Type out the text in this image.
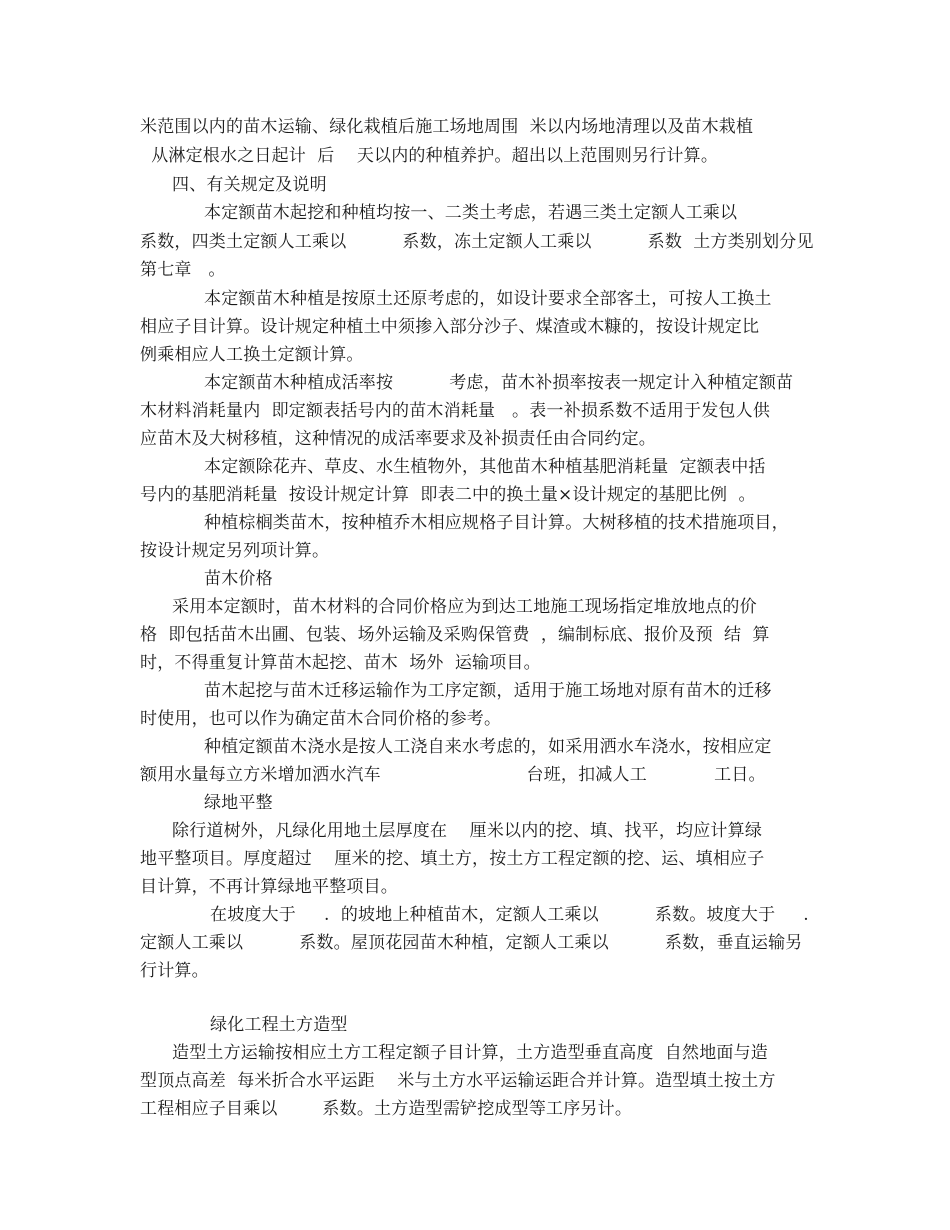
米范围以内的苗木运输、绿化栽植后施工场地周围  米以内场地清理以及苗木栽植
从淋定根水之日起计  后    天以内的种植养护。超出以上范围则另行计算。
四、有关规定及说明
本定额苗木起挖和种植均按一、二类土考虑，若遇三类土定额人工乘以
系数，四类土定额人工乘以          系数，冻土定额人工乘以          系数  土方类别划分见
第七章   。
本定额苗木种植是按原土还原考虑的，如设计要求全部客土，可按人工换土
相应子目计算。设计规定种植土中须掺入部分沙子、煤渣或木糠的，按设计规定比
例乘相应人工换土定额计算。
本定额苗木种植成活率按          考虑，苗木补损率按表一规定计入种植定额苗
木材料消耗量内  即定额表括号内的苗木消耗量   。表一补损系数不适用于发包人供
应苗木及大树移植，这种情况的成活率要求及补损责任由合同约定。
本定额除花卉、草皮、水生植物外，其他苗木种植基肥消耗量  定额表中括
号内的基肥消耗量  按设计规定计算  即表二中的换土量×设计规定的基肥比例  。
种植棕榈类苗木，按种植乔木相应规格子目计算。大树移植的技术措施项目，
按设计规定另列项计算。
苗木价格
采用本定额时，苗木材料的合同价格应为到达工地施工现场指定堆放地点的价
格  即包括苗木出圃、包装、场外运输及采购保管费  ，编制标底、报价及预  结  算
时，不得重复计算苗木起挖、苗木  场外  运输项目。
苗木起挖与苗木迁移运输作为工序定额，适用于施工场地对原有苗木的迁移
时使用，也可以作为确定苗木合同价格的参考。
种植定额苗木浇水是按人工浇自来水考虑的，如采用洒水车浇水，按相应定
额用水量每立方米增加洒水汽车                          台班，扣减人工            工日。
绿地平整
除行道树外，凡绿化用地土层厚度在    厘米以内的挖、填、找平，均应计算绿
地平整项目。厚度超过    厘米的挖、填土方，按土方工程定额的挖、运、填相应子
目计算，不再计算绿地平整项目。
在坡度大于     .  的坡地上种植苗木，定额人工乘以          系数。坡度大于     .
定额人工乘以          系数。屋顶花园苗木种植，定额人工乘以          系数，垂直运输另
行计算。
绿化工程土方造型
造型土方运输按相应土方工程定额子目计算，土方造型垂直高度  自然地面与造
型顶点高差  每米折合水平运距    米与土方水平运输运距合并计算。造型填土按土方
工程相应子目乘以        系数。土方造型需铲挖成型等工序另计。
